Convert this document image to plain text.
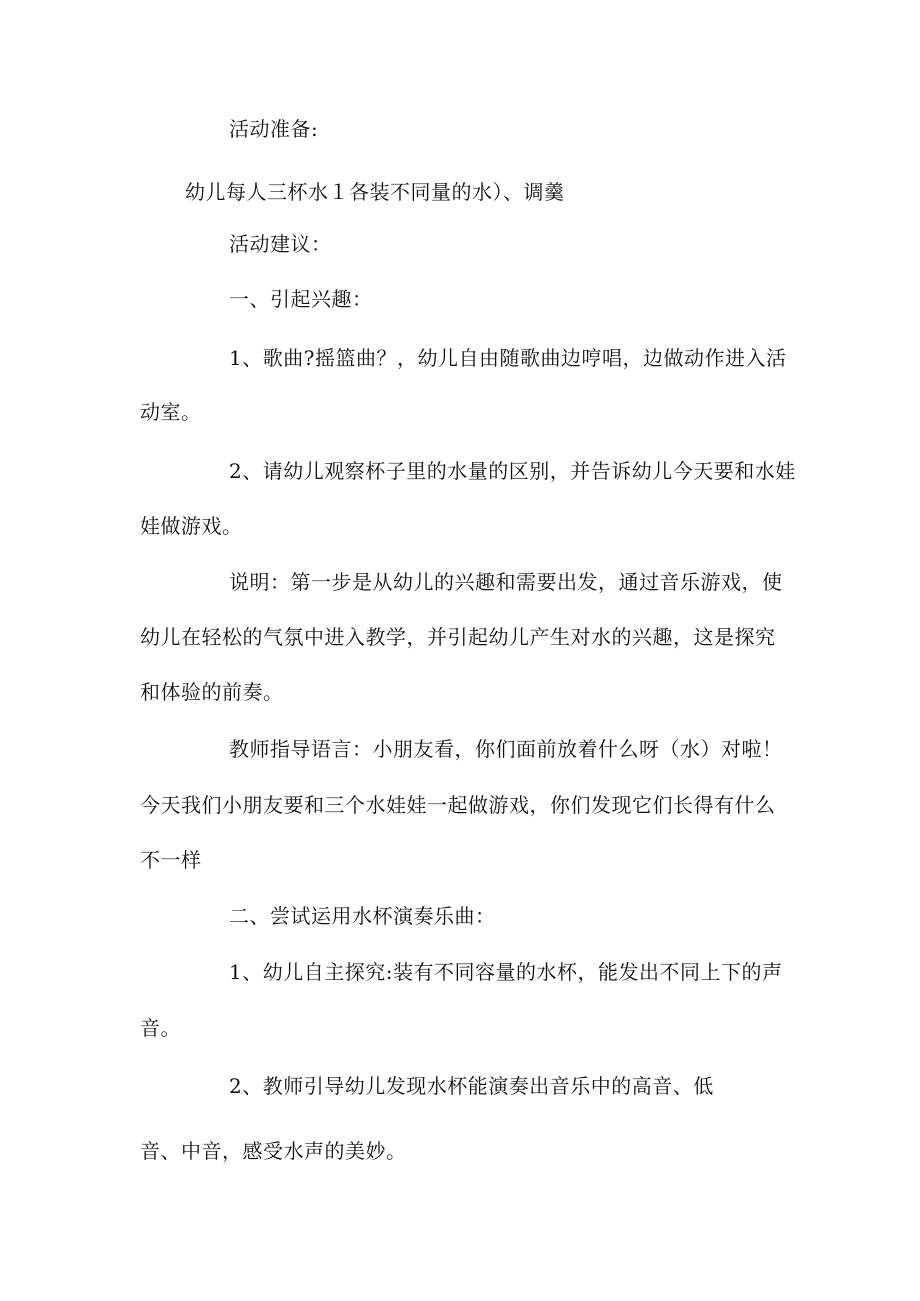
活动准备:
幼儿每人三杯水１各装不同量的水）、调羹
活动建议：
一、引起兴趣：
1、歌曲?摇篮曲？，幼儿自由随歌曲边哼唱，边做动作进入活
动室。
2、请幼儿观察杯子里的水量的区别，并告诉幼儿今天要和水娃
娃做游戏。
说明：第一步是从幼儿的兴趣和需要出发，通过音乐游戏，使
幼儿在轻松的气氛中进入教学，并引起幼儿产生对水的兴趣，这是探究
和体验的前奏。
教师指导语言：小朋友看，你们面前放着什么呀（水）对啦！
今天我们小朋友要和三个水娃娃一起做游戏，你们发现它们长得有什么
不一样
二、尝试运用水杯演奏乐曲：
1、幼儿自主探究:装有不同容量的水杯，能发出不同上下的声
音。
2、教师引导幼儿发现水杯能演奏出音乐中的高音、低
音、中音，感受水声的美妙。
